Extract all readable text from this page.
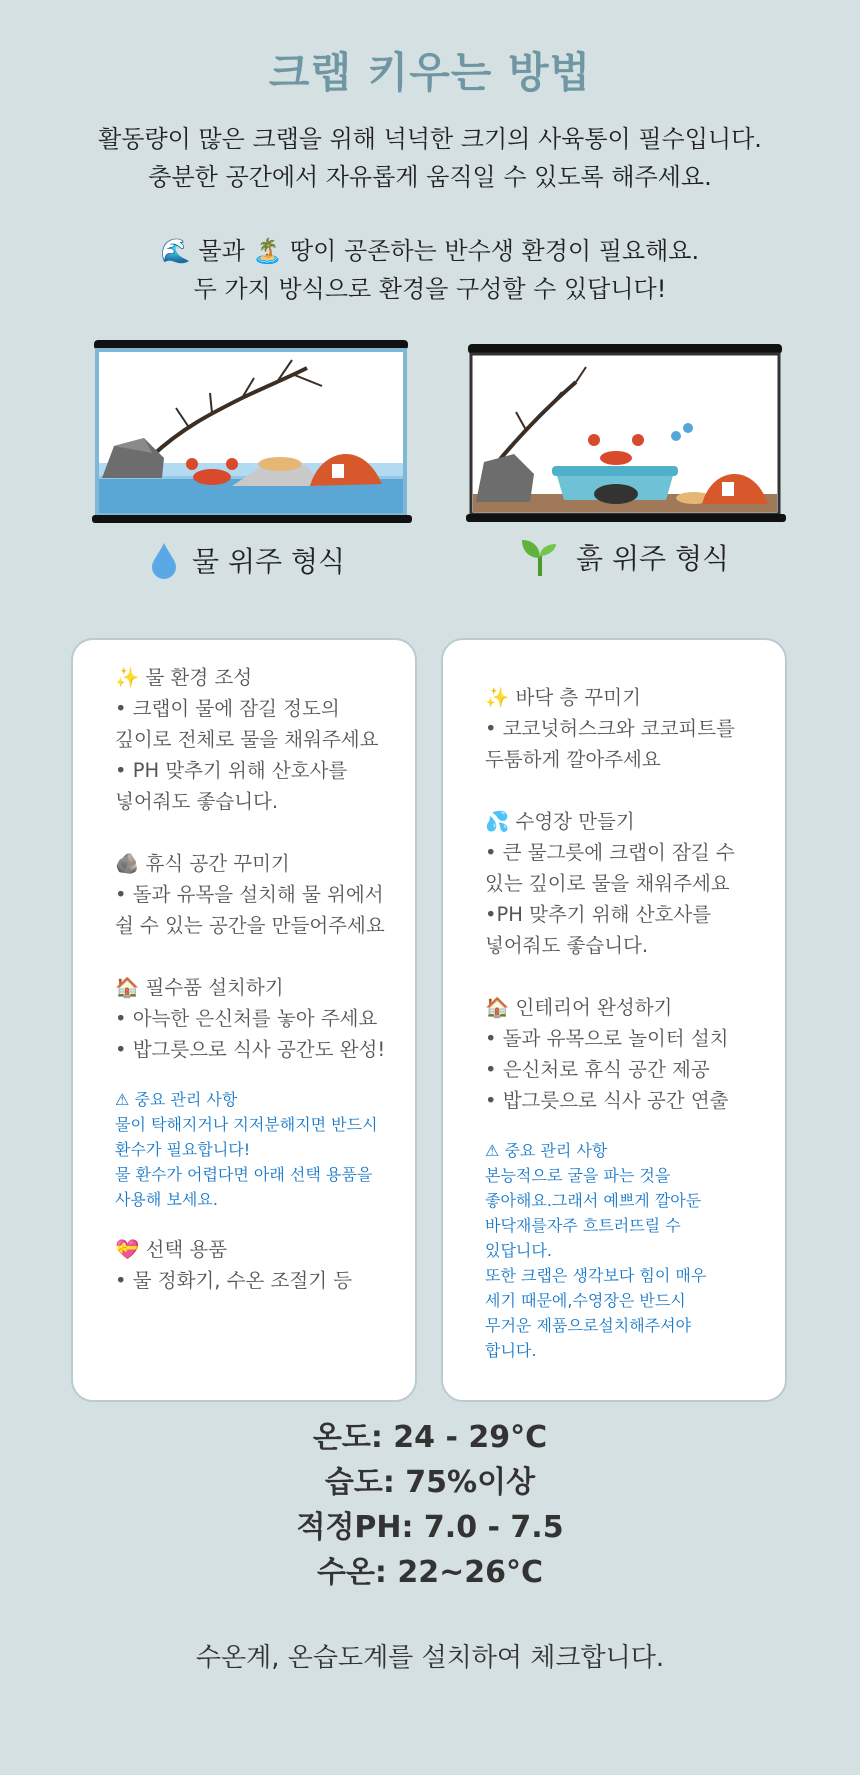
크랩 키우는 방법

활동량이 많은 크랩을 위해 넉넉한 크기의 사육통이 필수입니다.

충분한 공간에서 자유롭게 움직일 수 있도록 해주세요.

🌊 물과 🏝️ 땅이 공존하는 반수생 환경이 필요해요.

두 가지 방식으로 환경을 구성할 수 있답니다!

물 위주 형식	흙 위주 형식

✨ 물 환경 조성

• 크랩이 물에 잠길 정도의

깊이로 전체로 물을 채워주세요

• PH 맞추기 위해 산호사를

넣어줘도 좋습니다.

🪨 휴식 공간 꾸미기

• 돌과 유목을 설치해 물 위에서

쉴 수 있는 공간을 만들어주세요

🏠 필수품 설치하기

• 아늑한 은신처를 놓아 주세요

• 밥그릇으로 식사 공간도 완성!

⚠ 중요 관리 사항
물이 탁해지거나 지저분해지면 반드시
환수가 필요합니다!
물 환수가 어렵다면 아래 선택 용품을
사용해 보세요.

💝 선택 용품

• 물 정화기, 수온 조절기 등

✨ 바닥 층 꾸미기

• 코코넛허스크와 코코피트를

두툼하게 깔아주세요

💦 수영장 만들기

• 큰 물그릇에 크랩이 잠길 수

있는 깊이로 물을 채워주세요

•PH 맞추기 위해 산호사를

넣어줘도 좋습니다.

🏠 인테리어 완성하기

• 돌과 유목으로 놀이터 설치

• 은신처로 휴식 공간 제공

• 밥그릇으로 식사 공간 연출

⚠ 중요 관리 사항
본능적으로 굴을 파는 것을
좋아해요.그래서 예쁘게 깔아둔
바닥재를자주 흐트러뜨릴 수
있답니다.
또한 크랩은 생각보다 힘이 매우
세기 때문에,수영장은 반드시
무거운 제품으로설치해주셔야
합니다.

온도: 24 - 29°C

습도: 75%이상

적정PH: 7.0 - 7.5

수온: 22~26°C

수온계, 온습도계를 설치하여 체크합니다.
